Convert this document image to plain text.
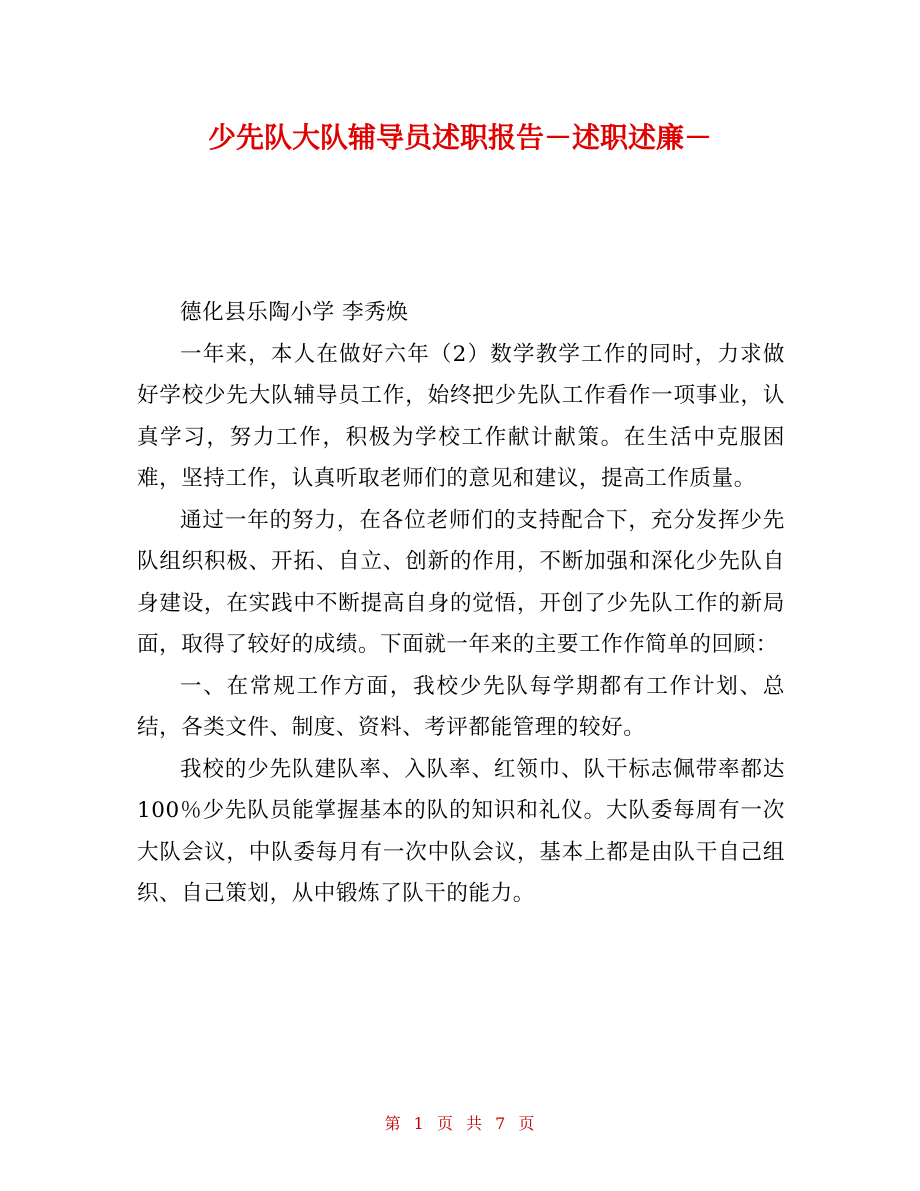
少先队大队辅导员述职报告－述职述廉－

德化县乐陶小学 李秀焕

一年来，本人在做好六年（2）数学教学工作的同时，力求做好学校少先大队辅导员工作，始终把少先队工作看作一项事业，认真学习，努力工作，积极为学校工作献计献策。在生活中克服困难，坚持工作，认真听取老师们的意见和建议，提高工作质量。

通过一年的努力，在各位老师们的支持配合下，充分发挥少先队组织积极、开拓、自立、创新的作用，不断加强和深化少先队自身建设，在实践中不断提高自身的觉悟，开创了少先队工作的新局面，取得了较好的成绩。下面就一年来的主要工作作简单的回顾：

一、在常规工作方面，我校少先队每学期都有工作计划、总结，各类文件、制度、资料、考评都能管理的较好。

我校的少先队建队率、入队率、红领巾、队干标志佩带率都达100％少先队员能掌握基本的队的知识和礼仪。大队委每周有一次大队会议，中队委每月有一次中队会议，基本上都是由队干自己组织、自己策划，从中锻炼了队干的能力。

第 1 页 共 7 页
